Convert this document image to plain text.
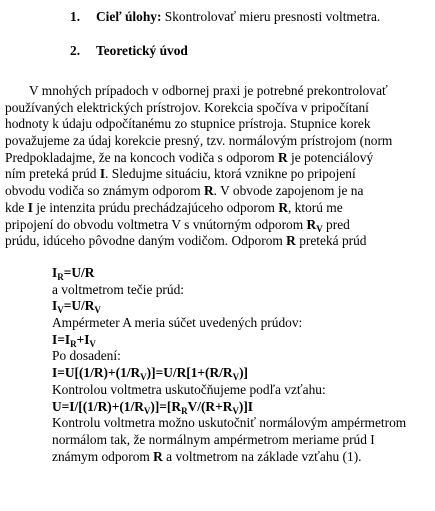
1. Cieľ úlohy: Skontrolovať mieru presnosti voltmetra.
2. Teoretický úvod
V mnohých prípadoch v odbornej praxi je potrebné prekontrolovať
používaných elektrických prístrojov. Korekcia spočíva v pripočítaní
hodnoty k údaju odpočítanému zo stupnice prístroja. Stupnice korek
považujeme za údaj korekcie presný, tzv. normálovým prístrojom (norm
Predpokladajme, že na koncoch vodiča s odporom R je potenciálový
ním preteká prúd I. Sledujme situáciu, ktorá vznikne po pripojení
obvodu vodiča so známym odporom R. V obvode zapojenom je na
kde I je intenzita prúdu prechádzajúceho odporom R, ktorú me
pripojení do obvodu voltmetra V s vnútorným odporom $R_V$ pred
prúdu, idúceho pôvodne daným vodičom. Odporom R preteká prúd
$I_R=U/R$
a voltmetrom tečie prúd:
$I_V=U/R_V$
Ampérmeter A meria súčet uvedených prúdov:
$I=I_R+I_V$
Po dosadení:
$I=U[(1/R)+(1/R_V)]=U/R[1+(R/R_V)]$
Kontrolou voltmetra uskutočňujeme podľa vzťahu:
$U=I/[(1/R)+(1/R_V)]=[R_RV/(R+R_V)]I$
Kontrolu voltmetra možno uskutočniť normálovým ampérmetrom
normálom tak, že normálnym ampérmetrom meriame prúd I
známym odporom R a voltmetrom na základe vzťahu (1).
